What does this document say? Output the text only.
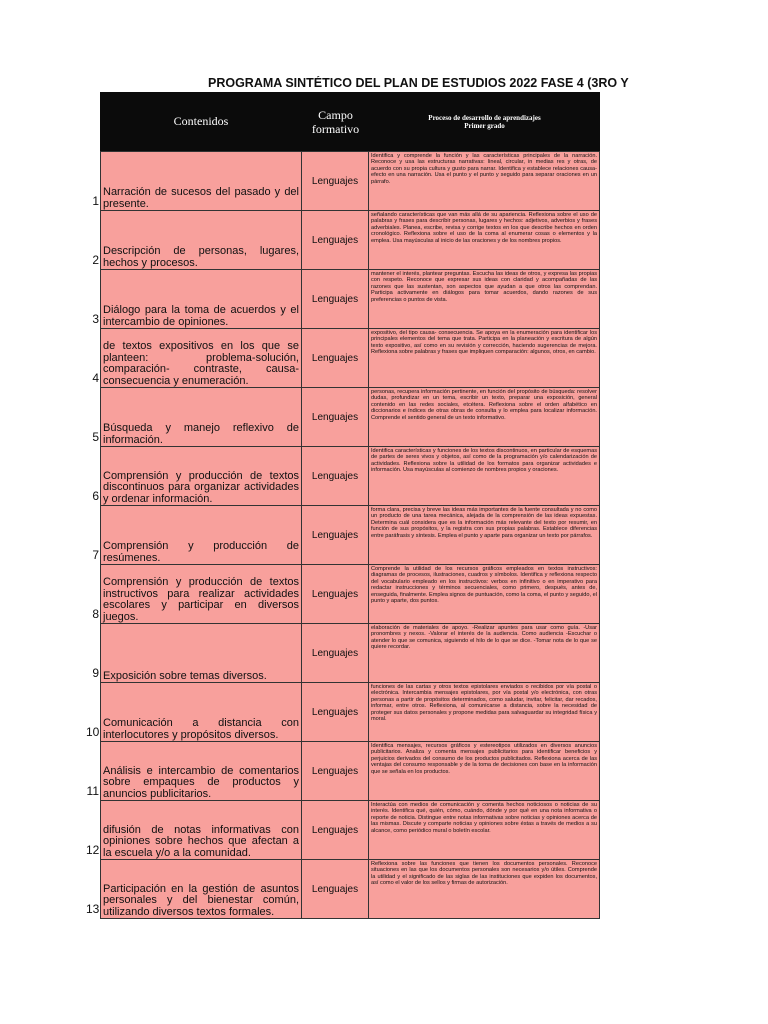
PROGRAMA SINTÉTICO DEL PLAN DE ESTUDIOS 2022 FASE 4 (3RO Y
Contenidos	Campo formativo
Proceso de desarrollo de aprendizajes
Primer grado
1
Narración de sucesos del pasado y del presente.
Lenguajes
Identifica y comprende la función y las características principales de la narración. Reconoce y usa las estructuras narrativas: lineal, circular, in medias res y otras, de acuerdo con su propia cultura y gusto para narrar. Identifica y establece relaciones causa-efecto en una narración. Usa el punto y el punto y seguido para separar oraciones en un párrafo.
2
Descripción de personas, lugares, hechos y procesos.
Lenguajes
señalando características que van más allá de su apariencia. Reflexiona sobre el uso de palabras y frases para describir personas, lugares y hechos: adjetivos, adverbios y frases adverbiales. Planea, escribe, revisa y corrige textos en los que describe hechos en orden cronológico. Reflexiona sobre el uso de la coma al enumerar cosas o elementos y la emplea. Usa mayúsculas al inicio de las oraciones y de los nombres propios.
3
Diálogo para la toma de acuerdos y el intercambio de opiniones.
Lenguajes
mantener el interés, plantear preguntas. Escucha las ideas de otros, y expresa las propias con respeto. Reconoce que expresar sus ideas con claridad y acompañadas de las razones que las sustentan, son aspectos que ayudan a que otros las comprendan. Participa activamente en diálogos para tomar acuerdos, dando razones de sus preferencias o puntos de vista.
4
de textos expositivos en los que se planteen: problema-solución, comparación- contraste, causa- consecuencia y enumeración.
Lenguajes
expositivo, del tipo causa- consecuencia. Se apoya en la enumeración para identificar los principales elementos del tema que trata. Participa en la planeación y escritura de algún texto expositivo, así como en su revisión y corrección, haciendo sugerencias de mejora. Reflexiona sobre palabras y frases que impliquen comparación: algunos, otros, en cambio.
5
Búsqueda y manejo reflexivo de información.
Lenguajes
personas, recupera información pertinente, en función del propósito de búsqueda: resolver dudas, profundizar en un tema, escribir un texto, preparar una exposición, general contenido en las redes sociales, etcétera. Reflexiona sobre el orden alfabético en diccionarios e índices de otras obras de consulta y lo emplea para localizar información. Comprende el sentido general de un texto informativo.
6
Comprensión y producción de textos discontinuos para organizar actividades y ordenar información.
Lenguajes
Identifica características y funciones de los textos discontinuos, en particular de esquemas de partes de seres vivos y objetos, así como de la programación y/o calendarización de actividades. Reflexiona sobre la utilidad de los formatos para organizar actividades e información. Usa mayúsculas al comienzo de nombres propios y oraciones.
7
Comprensión y producción de resúmenes.
Lenguajes
forma clara, precisa y breve las ideas más importantes de la fuente consultada y no como un producto de una tarea mecánica, alejada de la comprensión de las ideas expuestas. Determina cuál considera que es la información más relevante del texto por resumir, en función de sus propósitos, y la registra con sus propias palabras. Establece diferencias entre paráfrasis y síntesis. Emplea el punto y aparte para organizar un texto por párrafos.
8
Comprensión y producción de textos instructivos para realizar actividades escolares y participar en diversos juegos.
Lenguajes
Comprende la utilidad de los recursos gráficos empleados en textos instructivos: diagramas de procesos, ilustraciones, cuadros y símbolos. Identifica y reflexiona respecto del vocabulario empleado en los instructivos: verbos en infinitivo o en imperativo para redactar instrucciones y términos secuenciales, como primero, después, antes de, enseguida, finalmente. Emplea signos de puntuación, como la coma, el punto y seguido, el punto y aparte, dos puntos.
9 Exposición sobre temas diversos.
Lenguajes
elaboración de materiales de apoyo. -Realizar apuntes para usar como guía. -Usar pronombres y nexos. -Valorar el interés de la audiencia. Como audiencia -Escuchar o atender lo que se comunica, siguiendo el hilo de lo que se dice. -Tomar nota de lo que se quiere recordar.
10
Comunicación a distancia con interlocutores y propósitos diversos.
Lenguajes
funciones de las cartas y otros textos epistolares enviados o recibidos por vía postal o electrónica. Intercambia mensajes epistolares, por vía postal y/o electrónica, con otras personas a partir de propósitos determinados, como saludar, invitar, felicitar, dar recados, informar, entre otros. Reflexiona, al comunicarse a distancia, sobre la necesidad de proteger sus datos personales y propone medidas para salvaguardar su integridad física y moral.
11
Análisis e intercambio de comentarios sobre empaques de productos y anuncios publicitarios.
Lenguajes
Identifica mensajes, recursos gráficos y estereotipos utilizados en diversos anuncios publicitarios. Analiza y comenta mensajes publicitarios para identificar beneficios y perjuicios derivados del consumo de los productos publicitados. Reflexiona acerca de las ventajas del consumo responsable y de la toma de decisiones con base en la información que se señala en los productos.
12
difusión de notas informativas con opiniones sobre hechos que afectan a la escuela y/o a la comunidad.
Lenguajes
Interactúa con medios de comunicación y comenta hechos noticiosos o noticias de su interés. Identifica qué, quién, cómo, cuándo, dónde y por qué en una nota informativa o reporte de noticia. Distingue entre notas informativas sobre noticias y opiniones acerca de las mismas. Discute y comparte noticias y opiniones sobre éstas a través de medios a su alcance, como periódico mural o boletín escolar.
13
Participación en la gestión de asuntos personales y del bienestar común, utilizando diversos textos formales.
Lenguajes
Reflexiona sobre las funciones que tienen los documentos personales. Reconoce situaciones en las que los documentos personales son necesarios y/o útiles. Comprende la utilidad y el significado de las siglas de las instituciones que expiden los documentos, así como el valor de los sellos y firmas de autorización.
